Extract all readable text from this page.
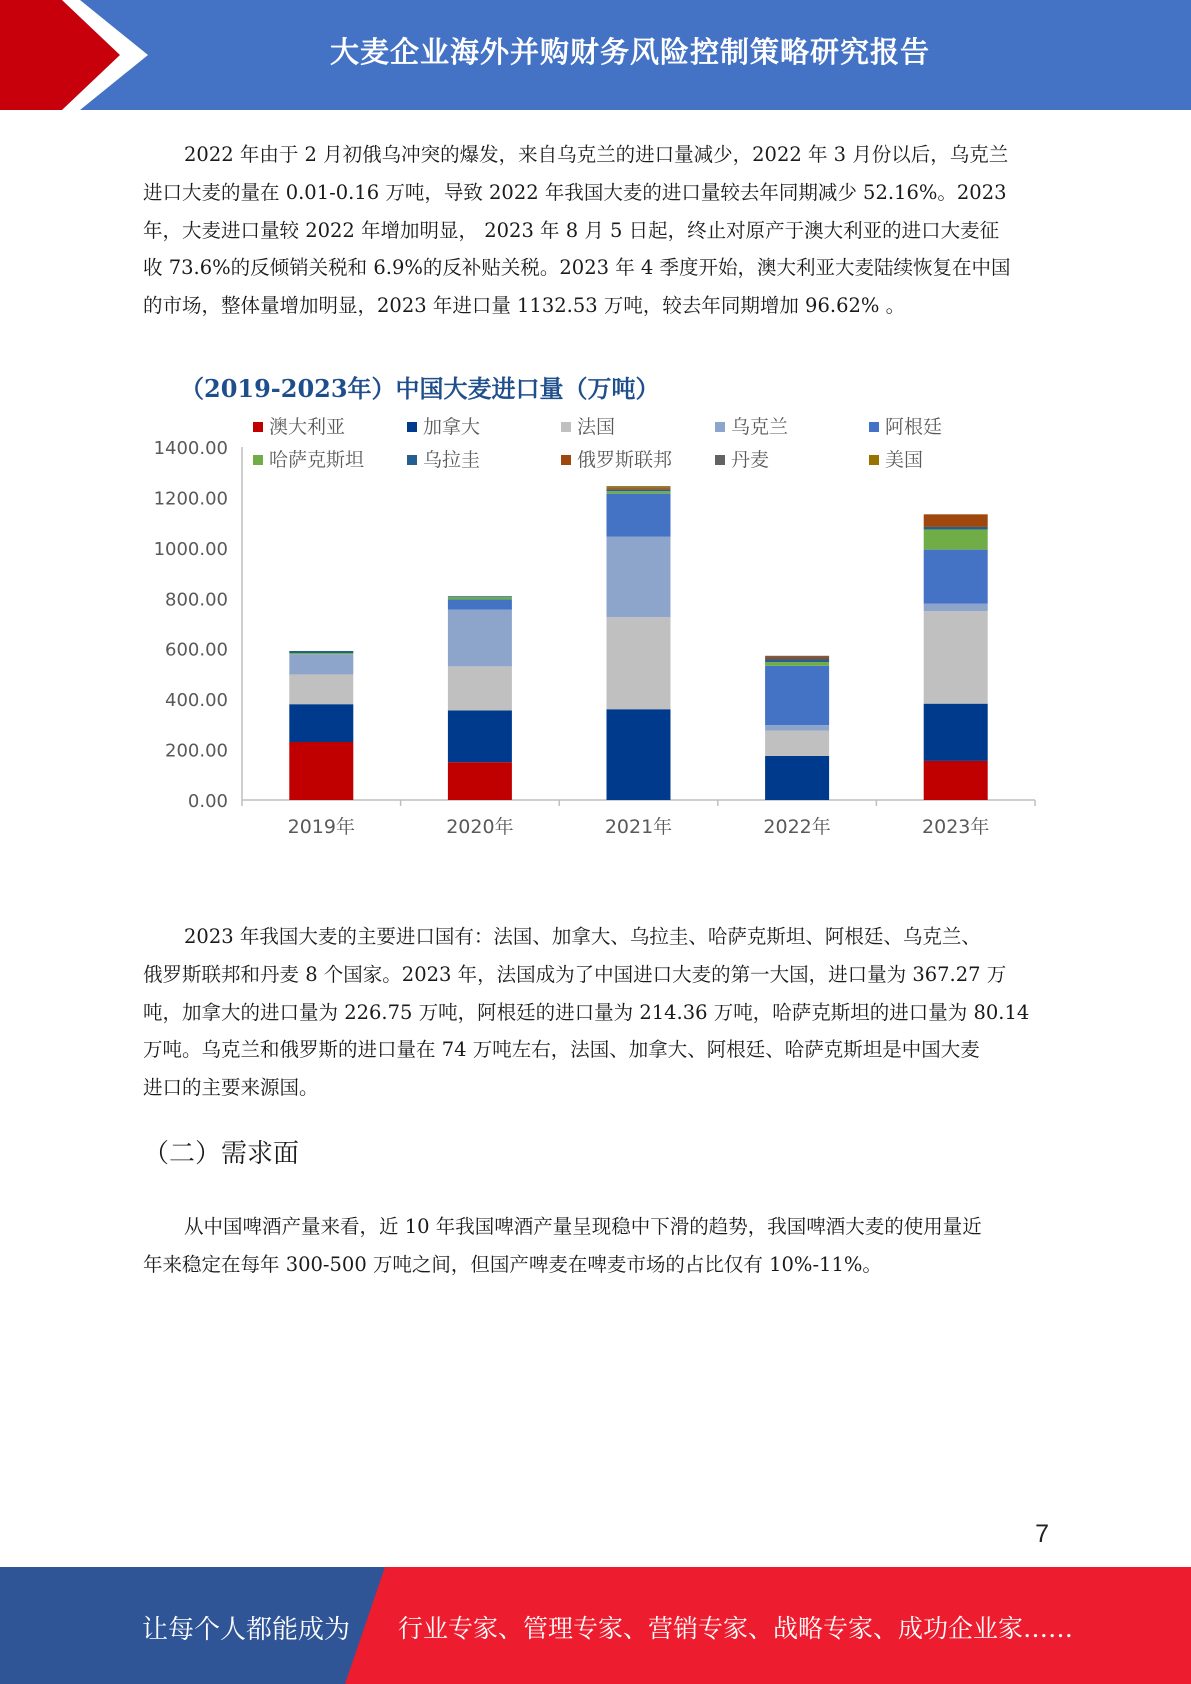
大麦企业海外并购财务风险控制策略研究报告
2022 年由于 2 月初俄乌冲突的爆发，来自乌克兰的进口量减少，2022 年 3 月份以后，乌克兰
进口大麦的量在 0.01-0.16 万吨，导致 2022 年我国大麦的进口量较去年同期减少 52.16%。2023
年，大麦进口量较 2022 年增加明显， 2023 年 8 月 5 日起，终止对原产于澳大利亚的进口大麦征
收 73.6%的反倾销关税和 6.9%的反补贴关税。2023 年 4 季度开始，澳大利亚大麦陆续恢复在中国
的市场，整体量增加明显，2023 年进口量 1132.53 万吨，较去年同期增加 96.62% 。
（2019-2023年）中国大麦进口量（万吨）
澳大利亚	加拿大	法国	乌克兰	阿根廷
哈萨克斯坦	乌拉圭	俄罗斯联邦	丹麦	美国
0.00
200.00
400.00
600.00
800.00
1000.00
1200.00
1400.00
2019年	2020年	2021年	2022年	2023年
2023 年我国大麦的主要进口国有：法国、加拿大、乌拉圭、哈萨克斯坦、阿根廷、乌克兰、
俄罗斯联邦和丹麦 8 个国家。2023 年，法国成为了中国进口大麦的第一大国，进口量为 367.27 万
吨，加拿大的进口量为 226.75 万吨，阿根廷的进口量为 214.36 万吨，哈萨克斯坦的进口量为 80.14
万吨。乌克兰和俄罗斯的进口量在 74 万吨左右，法国、加拿大、阿根廷、哈萨克斯坦是中国大麦
进口的主要来源国。
（二）需求面
从中国啤酒产量来看，近 10 年我国啤酒产量呈现稳中下滑的趋势，我国啤酒大麦的使用量近
年来稳定在每年 300-500 万吨之间，但国产啤麦在啤麦市场的占比仅有 10%-11%。
7
让每个人都能成为 行业专家、管理专家、营销专家、战略专家、成功企业家……
